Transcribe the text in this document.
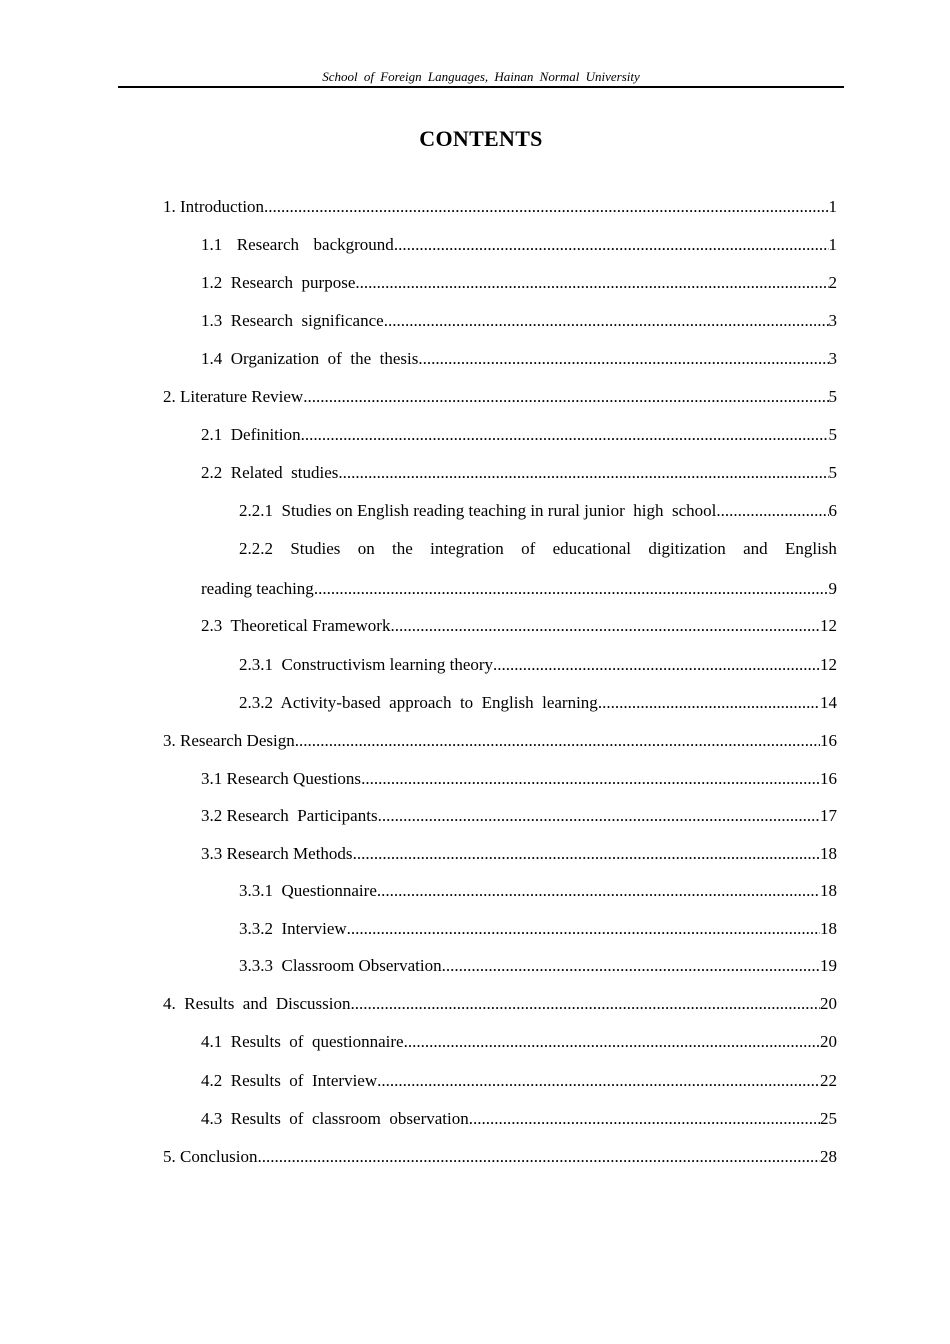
School of Foreign Languages, Hainan Normal University
CONTENTS
1. Introduction .....	1
1.1  Research  background .....	1
1.2  Research  purpose .....	2
1.3  Research  significance .....	3
1.4  Organization  of  the  thesis .....	3
2. Literature Review .....	5
2.1  Definition .....	5
2.2  Related  studies .....	5
2.2.1  Studies on English reading teaching in rural junior  high  school .....	6
2.2.2 Studies on the integration of educational digitization and English
reading teaching .....	9
2.3  Theoretical Framework .....	12
2.3.1  Constructivism learning theory .....	12
2.3.2  Activity-based  approach  to  English  learning .....	14
3. Research Design .....	16
3.1 Research Questions .....	16
3.2 Research  Participants .....	17
3.3 Research Methods .....	18
3.3.1  Questionnaire .....	18
3.3.2  Interview .....	18
3.3.3  Classroom Observation .....	19
4.  Results  and  Discussion .....	20
4.1  Results  of  questionnaire .....	20
4.2  Results  of  Interview .....	22
4.3  Results  of  classroom  observation .....	25
5. Conclusion .....	28
